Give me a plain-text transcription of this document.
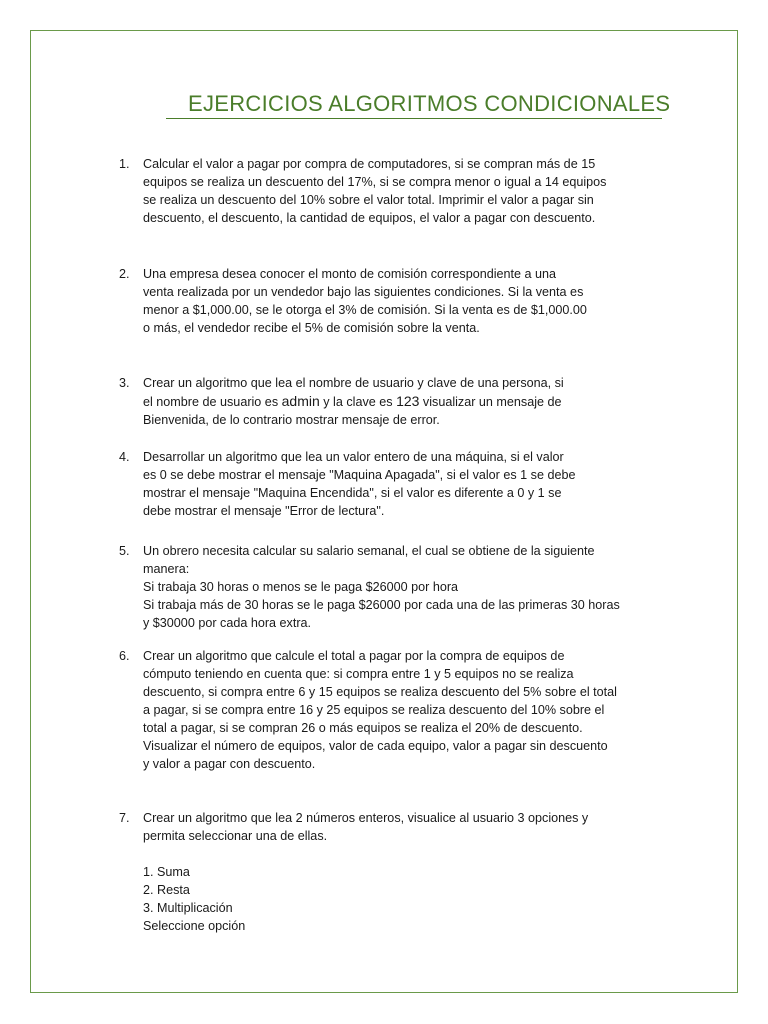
EJERCICIOS ALGORITMOS CONDICIONALES
1.	Calcular el valor a pagar por compra de computadores, si se compran más de 15

equipos se realiza un descuento del 17%, si se compra menor o igual a 14 equipos

se realiza un descuento del 10% sobre el valor total. Imprimir el valor a pagar sin

descuento, el descuento, la cantidad de equipos, el valor a pagar con descuento.

2.	Una empresa desea conocer el monto de comisión correspondiente a una

venta realizada por un vendedor bajo las siguientes condiciones. Si la venta es

menor a $1,000.00, se le otorga el 3% de comisión. Si la venta es de $1,000.00

o más, el vendedor recibe el 5% de comisión sobre la venta.

3.	Crear un algoritmo que lea el nombre de usuario y clave de una persona, si

el nombre de usuario es admin y la clave es 123 visualizar un mensaje de

Bienvenida, de lo contrario mostrar mensaje de error.

4.	Desarrollar un algoritmo que lea un valor entero de una máquina, si el valor

es 0 se debe mostrar el mensaje "Maquina Apagada", si el valor es 1 se debe

mostrar el mensaje "Maquina Encendida", si el valor es diferente a 0 y 1 se

debe mostrar el mensaje "Error de lectura".

5.	Un obrero necesita calcular su salario semanal, el cual se obtiene de la siguiente

manera:

Si trabaja 30 horas o menos se le paga $26000 por hora

Si trabaja más de 30 horas se le paga $26000 por cada una de las primeras 30 horas

y $30000 por cada hora extra.

6.	Crear un algoritmo que calcule el total a pagar por la compra de equipos de

cómputo teniendo en cuenta que: si compra entre 1 y 5 equipos no se realiza

descuento, si compra entre 6 y 15 equipos se realiza descuento del 5% sobre el total

a pagar, si se compra entre 16 y 25 equipos se realiza descuento del 10% sobre el

total a pagar, si se compran 26 o más equipos se realiza el 20% de descuento.

Visualizar el número de equipos, valor de cada equipo, valor a pagar sin descuento

y valor a pagar con descuento.

7.	Crear un algoritmo que lea 2 números enteros, visualice al usuario 3 opciones y

permita seleccionar una de ellas.

1. Suma

2. Resta

3. Multiplicación

Seleccione opción
